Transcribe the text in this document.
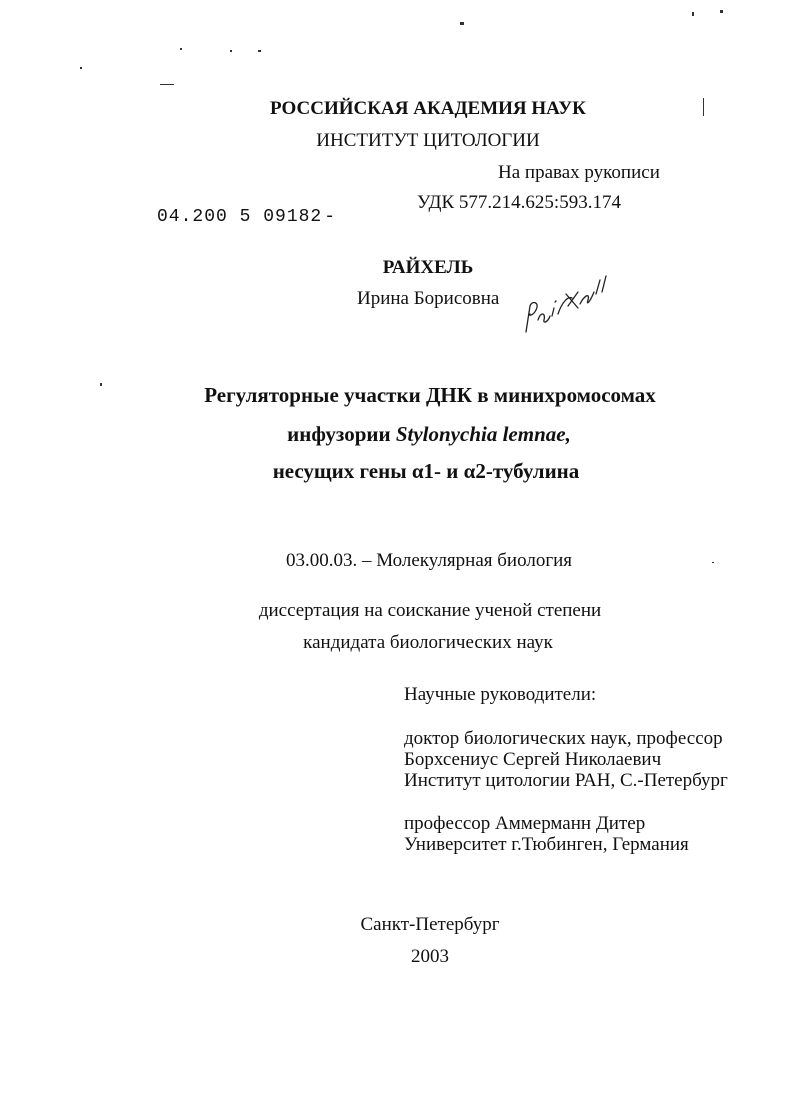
РОССИЙСКАЯ АКАДЕМИЯ НАУК
ИНСТИТУТ ЦИТОЛОГИИ
На правах рукописи
УДК 577.214.625:593.174
04.200 5 09182 -
РАЙХЕЛЬ
Ирина Борисовна
Регуляторные участки ДНК в минихромосомах
инфузории Stylonychia lemnae,
несущих гены α1- и α2-тубулина
03.00.03. – Молекулярная биология
диссертация на соискание ученой степени
кандидата биологических наук
Научные руководители:
доктор биологических наук, профессор
Борхсениус Сергей Николаевич
Институт цитологии РАН, С.-Петербург
профессор Аммерманн Дитер
Университет г.Тюбинген, Германия
Санкт-Петербург
2003
